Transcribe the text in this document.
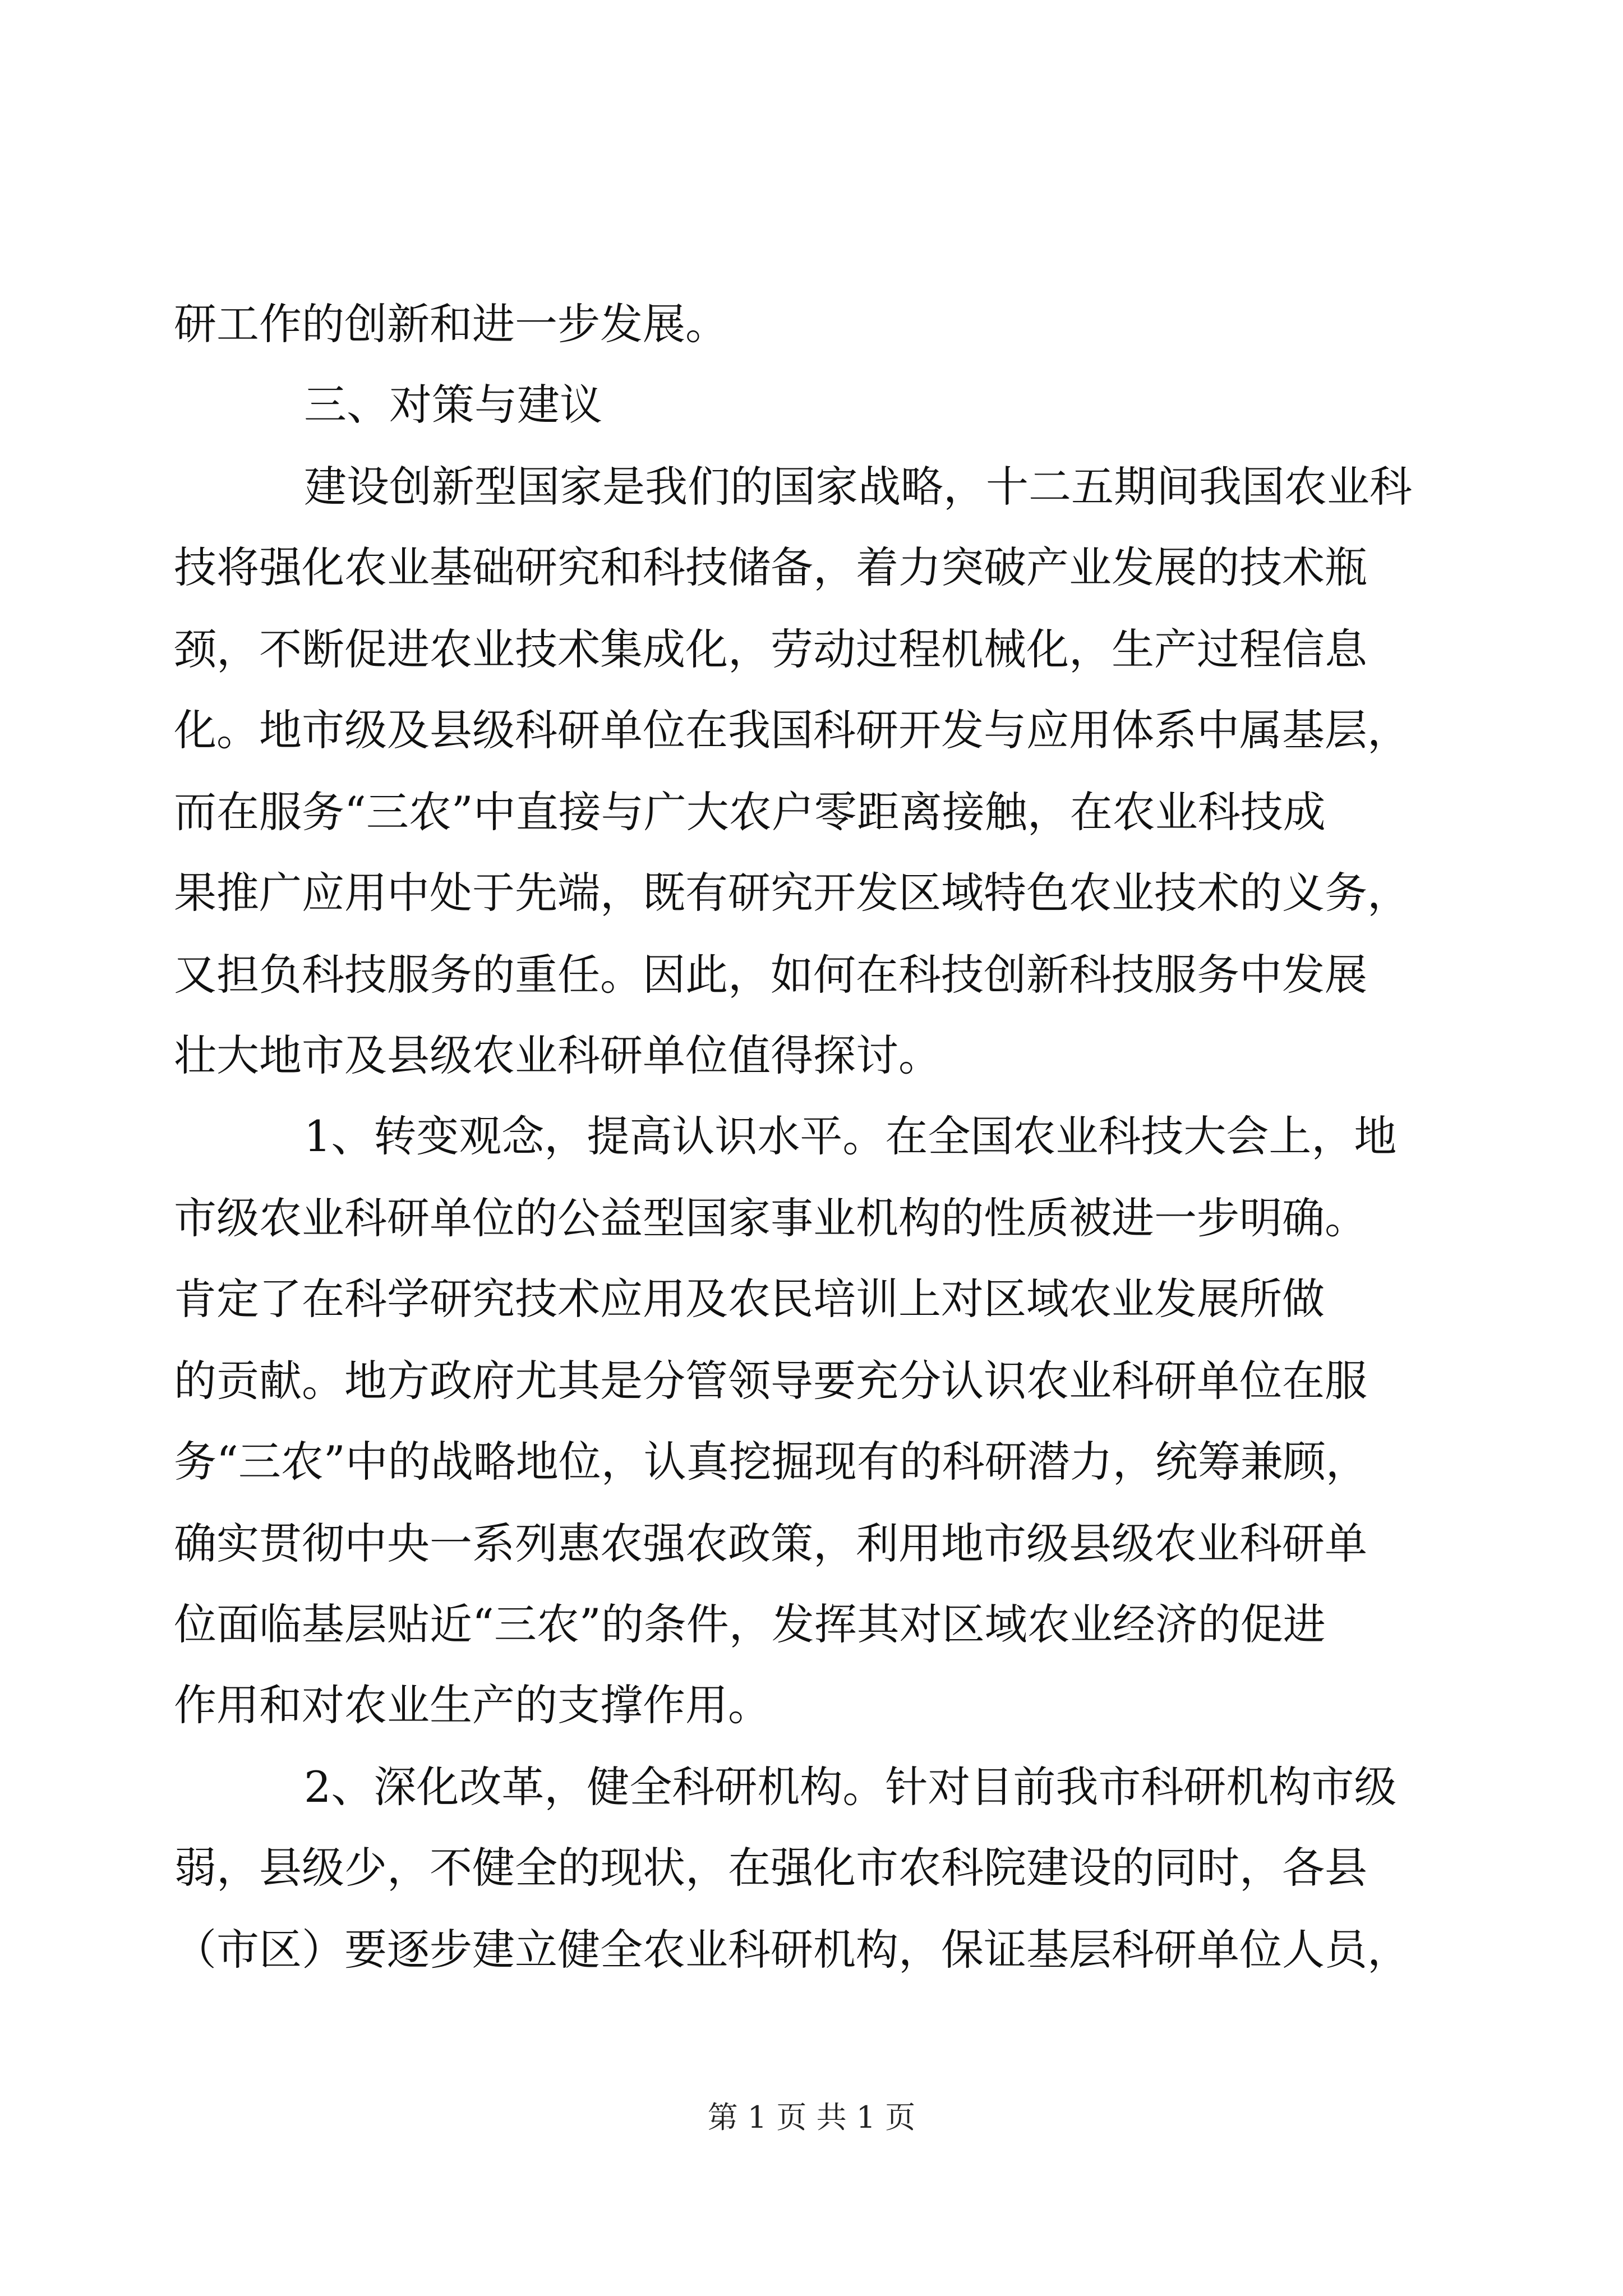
研工作的创新和进一步发展。
三、对策与建议
建设创新型国家是我们的国家战略，十二五期间我国农业科
技将强化农业基础研究和科技储备，着力突破产业发展的技术瓶
颈，不断促进农业技术集成化，劳动过程机械化，生产过程信息
化。地市级及县级科研单位在我国科研开发与应用体系中属基层，
而在服务“三农”中直接与广大农户零距离接触，在农业科技成
果推广应用中处于先端，既有研究开发区域特色农业技术的义务，
又担负科技服务的重任。因此，如何在科技创新科技服务中发展
壮大地市及县级农业科研单位值得探讨。
1、转变观念，提高认识水平。在全国农业科技大会上，地
市级农业科研单位的公益型国家事业机构的性质被进一步明确。
肯定了在科学研究技术应用及农民培训上对区域农业发展所做
的贡献。地方政府尤其是分管领导要充分认识农业科研单位在服
务“三农”中的战略地位，认真挖掘现有的科研潜力，统筹兼顾，
确实贯彻中央一系列惠农强农政策，利用地市级县级农业科研单
位面临基层贴近“三农”的条件，发挥其对区域农业经济的促进
作用和对农业生产的支撑作用。
2、深化改革，健全科研机构。针对目前我市科研机构市级
弱，县级少，不健全的现状，在强化市农科院建设的同时，各县
（市区）要逐步建立健全农业科研机构，保证基层科研单位人员，
第 1 页 共 1 页
